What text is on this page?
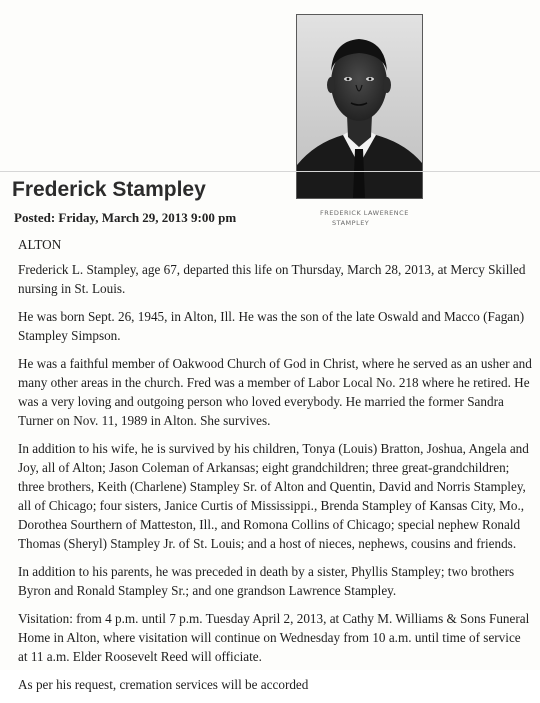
FREDERICK LAWERENCE
STAMPLEY
Frederick Stampley
Posted: Friday, March 29, 2013 9:00 pm

ALTON

Frederick L. Stampley, age 67, departed this life on Thursday, March 28, 2013, at Mercy Skilled nursing in St. Louis.

He was born Sept. 26, 1945, in Alton, Ill. He was the son of the late Oswald and Macco (Fagan) Stampley Simpson.

He was a faithful member of Oakwood Church of God in Christ, where he served as an usher and many other areas in the church. Fred was a member of Labor Local No. 218 where he retired. He was a very loving and outgoing person who loved everybody. He married the former Sandra Turner on Nov. 11, 1989 in Alton. She survives.

In addition to his wife, he is survived by his children, Tonya (Louis) Bratton, Joshua, Angela and Joy, all of Alton; Jason Coleman of Arkansas; eight grandchildren; three great-grandchildren; three brothers, Keith (Charlene) Stampley Sr. of Alton and Quentin, David and Norris Stampley, all of Chicago; four sisters, Janice Curtis of Mississippi., Brenda Stampley of Kansas City, Mo., Dorothea Sourthern of Matteston, Ill., and Romona Collins of Chicago; special nephew Ronald Thomas (Sheryl) Stampley Jr. of St. Louis; and a host of nieces, nephews, cousins and friends.

In addition to his parents, he was preceded in death by a sister, Phyllis Stampley; two brothers Byron and Ronald Stampley Sr.; and one grandson Lawrence Stampley.

Visitation: from 4 p.m. until 7 p.m. Tuesday April 2, 2013, at Cathy M. Williams & Sons Funeral Home in Alton, where visitation will continue on Wednesday from 10 a.m. until time of service at 11 a.m. Elder Roosevelt Reed will officiate.

As per his request, cremation services will be accorded
